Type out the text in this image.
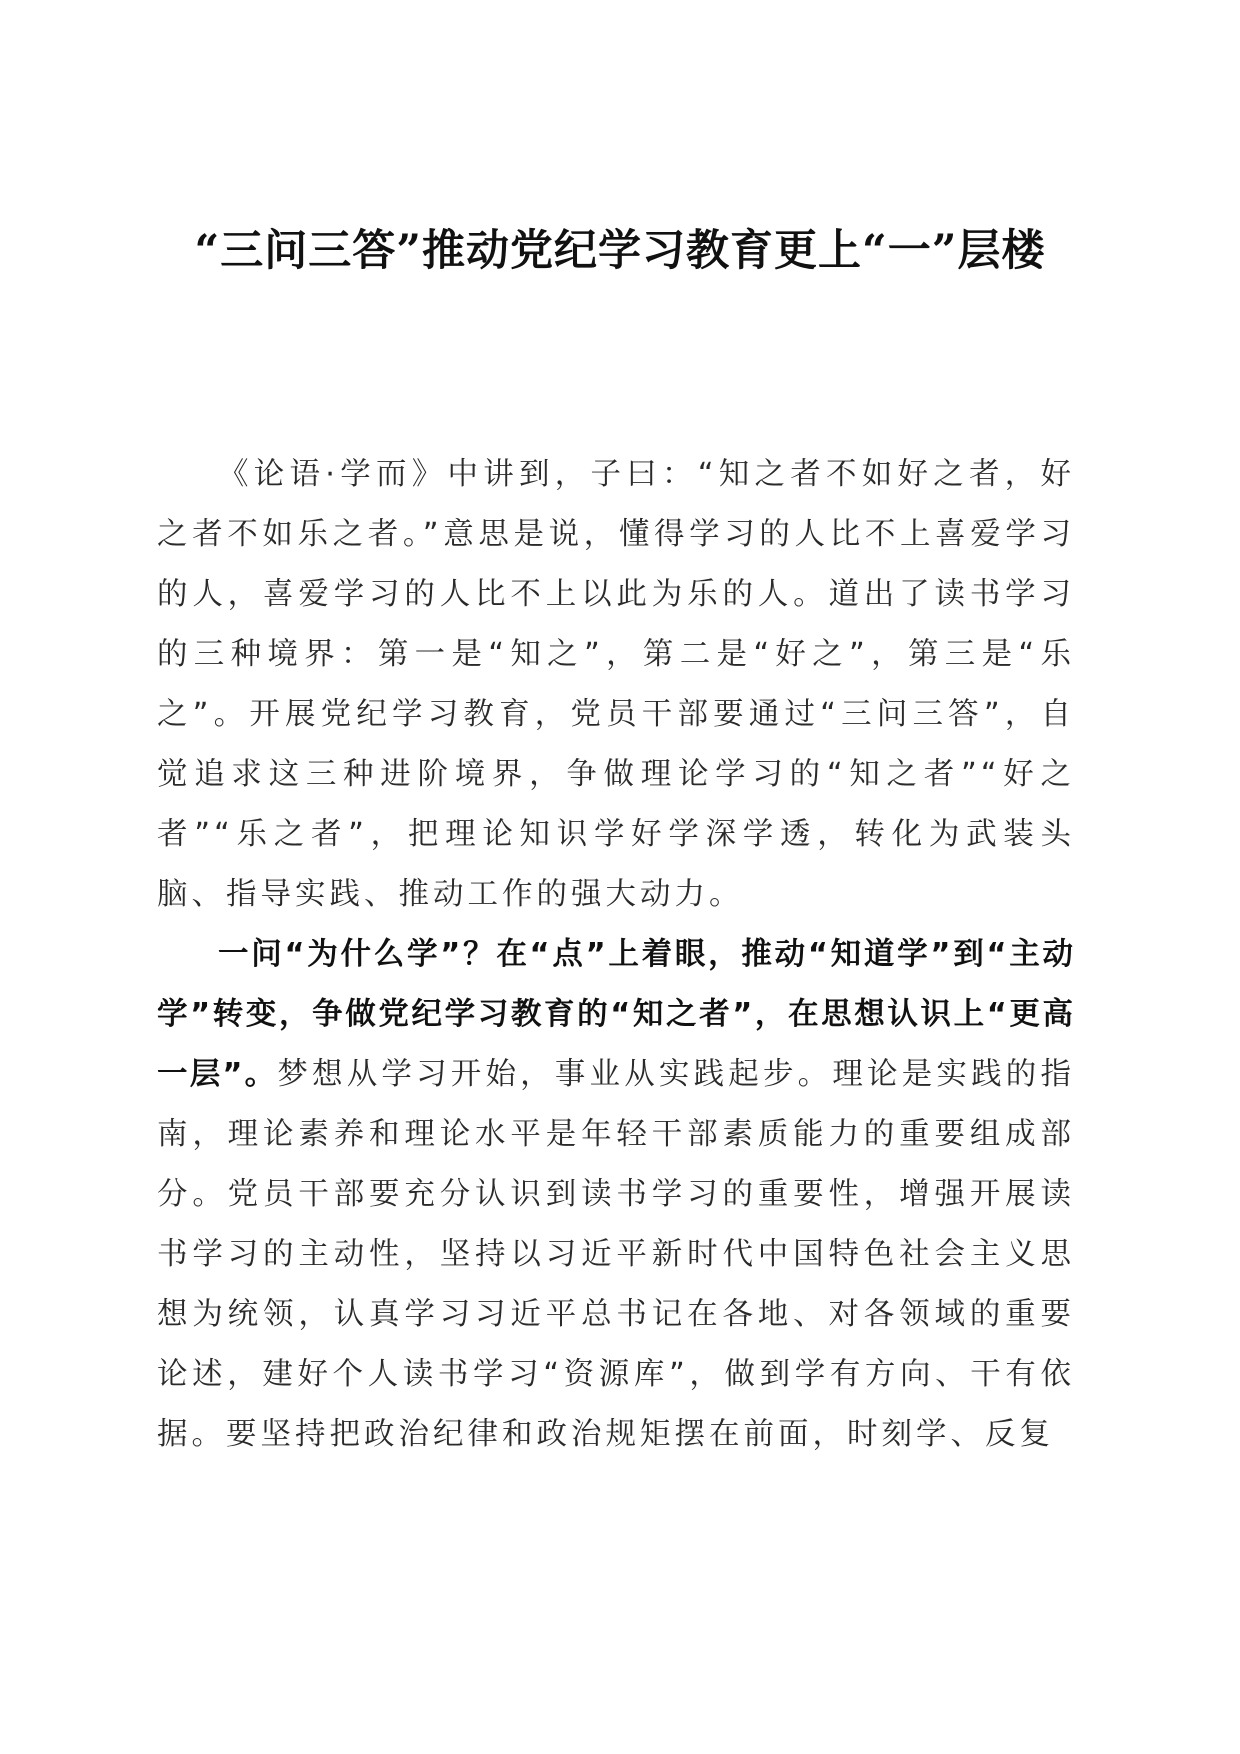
“三问三答”推动党纪学习教育更上“一”层楼

《论语·学而》中讲到，子曰：“知之者不如好之者，好之者不如乐之者。”意思是说，懂得学习的人比不上喜爱学习的人，喜爱学习的人比不上以此为乐的人。道出了读书学习的三种境界：第一是“知之”，第二是“好之”，第三是“乐之”。开展党纪学习教育，党员干部要通过“三问三答”，自觉追求这三种进阶境界，争做理论学习的“知之者”“好之者”“乐之者”，把理论知识学好学深学透，转化为武装头脑、指导实践、推动工作的强大动力。

一问“为什么学”？在“点”上着眼，推动“知道学”到“主动学”转变，争做党纪学习教育的“知之者”，在思想认识上“更高一层”。梦想从学习开始，事业从实践起步。理论是实践的指南，理论素养和理论水平是年轻干部素质能力的重要组成部分。党员干部要充分认识到读书学习的重要性，增强开展读书学习的主动性，坚持以习近平新时代中国特色社会主义思想为统领，认真学习习近平总书记在各地、对各领域的重要论述，建好个人读书学习“资源库”，做到学有方向、干有依据。要坚持把政治纪律和政治规矩摆在前面，时刻学、反复
